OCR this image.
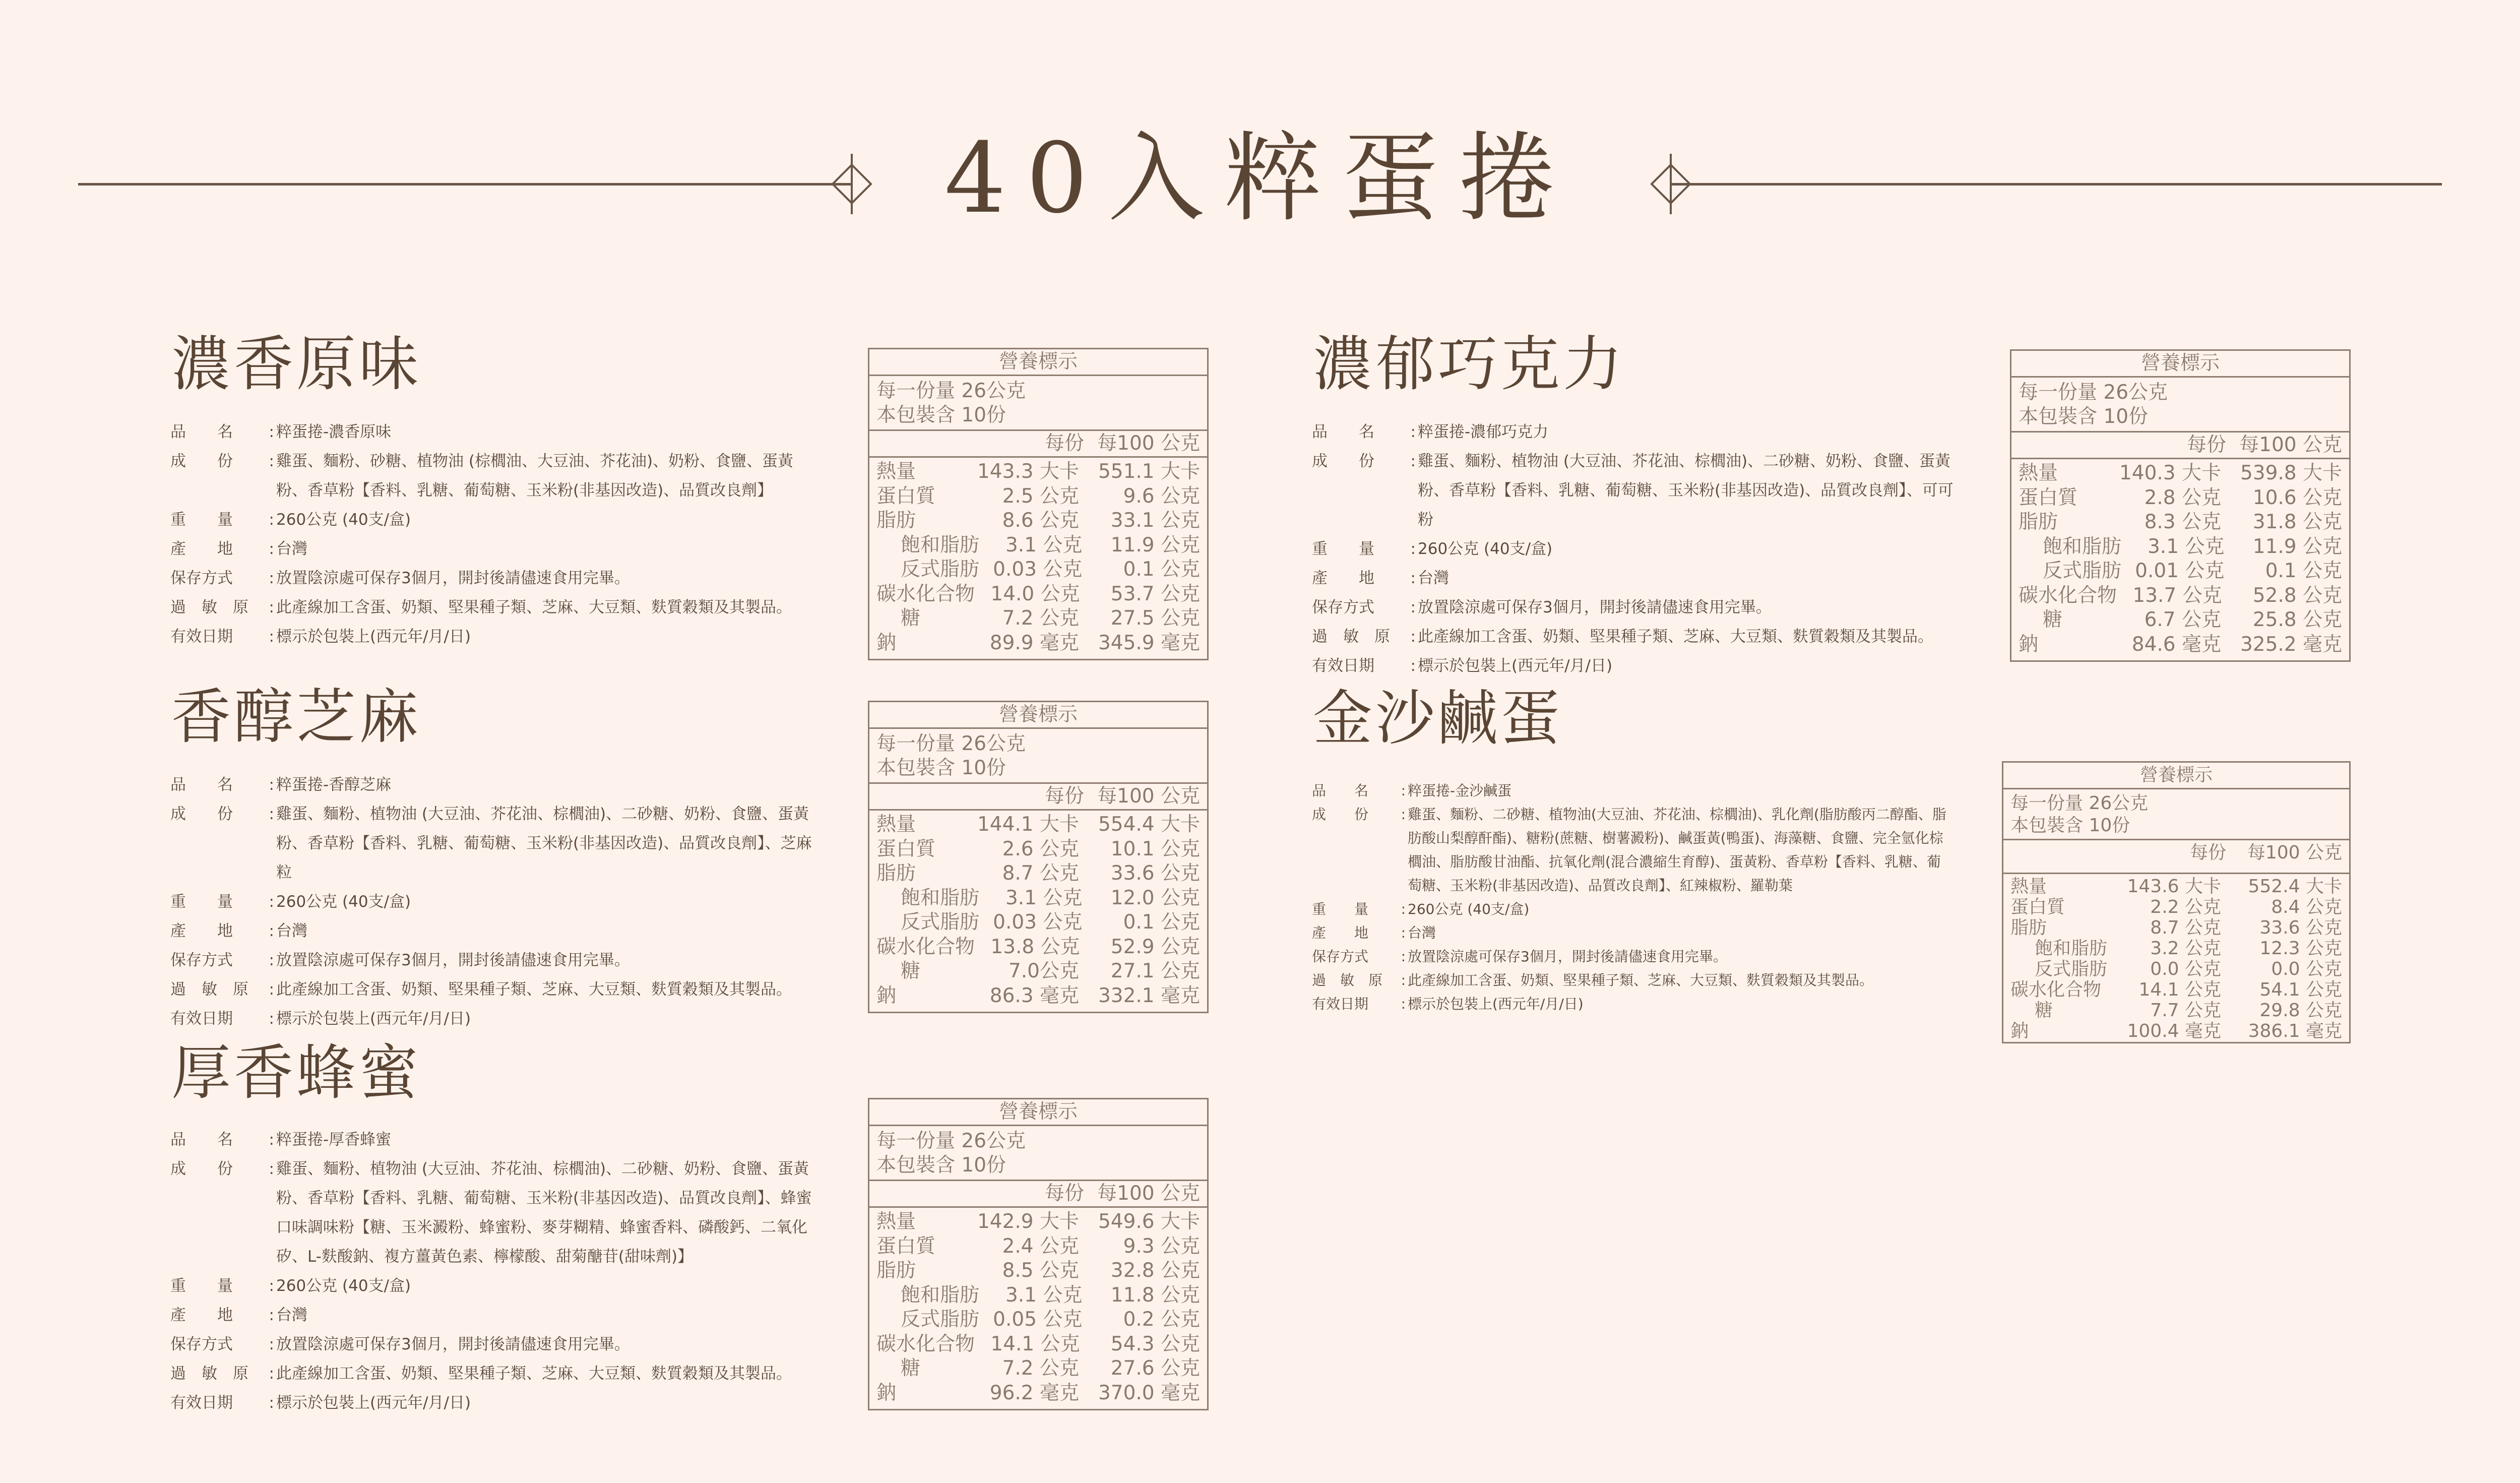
40入粹蛋捲
濃香原味
品　　名 : 粹蛋捲-濃香原味
成　　份 : 雞蛋、麵粉、砂糖、植物油 (棕櫚油、大豆油、芥花油)、奶粉、食鹽、蛋黃粉、香草粉【香料、乳糖、葡萄糖、玉米粉(非基因改造)、品質改良劑】
重　　量 : 260公克 (40支/盒)
產　　地 : 台灣
保存方式 : 放置陰涼處可保存3個月，開封後請儘速食用完畢。
過　敏　原 : 此產線加工含蛋、奶類、堅果種子類、芝麻、大豆類、麩質穀類及其製品。
有效日期 : 標示於包裝上(西元年/月/日)
營養標示
每一份量 26公克
本包裝含 10份
每份 每100 公克
熱量	143.3 大卡 551.1 大卡
蛋白質	2.5 公克	9.6 公克
脂肪	8.6 公克	33.1 公克
飽和脂肪	3.1 公克	11.9 公克
反式脂肪 0.03 公克	0.1 公克
碳水化合物 14.0 公克	53.7 公克
糖	7.2 公克	27.5 公克
鈉	89.9 毫克 345.9 毫克
香醇芝麻
品　　名 : 粹蛋捲-香醇芝麻
成　　份 : 雞蛋、麵粉、植物油 (大豆油、芥花油、棕櫚油)、二砂糖、奶粉、食鹽、蛋黃粉、香草粉【香料、乳糖、葡萄糖、玉米粉(非基因改造)、品質改良劑】、芝麻粒
重　　量 : 260公克 (40支/盒)
產　　地 : 台灣
保存方式 : 放置陰涼處可保存3個月，開封後請儘速食用完畢。
過　敏　原 : 此產線加工含蛋、奶類、堅果種子類、芝麻、大豆類、麩質穀類及其製品。
有效日期 : 標示於包裝上(西元年/月/日)
營養標示
每一份量 26公克
本包裝含 10份
每份 每100 公克
熱量	144.1 大卡 554.4 大卡
蛋白質	2.6 公克	10.1 公克
脂肪	8.7 公克	33.6 公克
飽和脂肪	3.1 公克	12.0 公克
反式脂肪 0.03 公克	0.1 公克
碳水化合物 13.8 公克	52.9 公克
糖	7.0公克	27.1 公克
鈉	86.3 毫克 332.1 毫克
厚香蜂蜜
品　　名 : 粹蛋捲-厚香蜂蜜
成　　份 : 雞蛋、麵粉、植物油 (大豆油、芥花油、棕櫚油)、二砂糖、奶粉、食鹽、蛋黃粉、香草粉【香料、乳糖、葡萄糖、玉米粉(非基因改造)、品質改良劑】、蜂蜜口味調味粉【糖、玉米澱粉、蜂蜜粉、麥芽糊精、蜂蜜香料、磷酸鈣、二氧化矽、L-麩酸鈉、複方薑黃色素、檸檬酸、甜菊醣苷(甜味劑)】
重　　量 : 260公克 (40支/盒)
產　　地 : 台灣
保存方式 : 放置陰涼處可保存3個月，開封後請儘速食用完畢。
過　敏　原 : 此產線加工含蛋、奶類、堅果種子類、芝麻、大豆類、麩質穀類及其製品。
有效日期 : 標示於包裝上(西元年/月/日)
營養標示
每一份量 26公克
本包裝含 10份
每份 每100 公克
熱量	142.9 大卡 549.6 大卡
蛋白質	2.4 公克	9.3 公克
脂肪	8.5 公克	32.8 公克
飽和脂肪	3.1 公克	11.8 公克
反式脂肪 0.05 公克	0.2 公克
碳水化合物 14.1 公克	54.3 公克
糖	7.2 公克	27.6 公克
鈉	96.2 毫克 370.0 毫克
濃郁巧克力
品　　名 : 粹蛋捲-濃郁巧克力
成　　份 : 雞蛋、麵粉、植物油 (大豆油、芥花油、棕櫚油)、二砂糖、奶粉、食鹽、蛋黃粉、香草粉【香料、乳糖、葡萄糖、玉米粉(非基因改造)、品質改良劑】、可可粉
重　　量 : 260公克 (40支/盒)
產　　地 : 台灣
保存方式 : 放置陰涼處可保存3個月，開封後請儘速食用完畢。
過　敏　原 : 此產線加工含蛋、奶類、堅果種子類、芝麻、大豆類、麩質穀類及其製品。
有效日期 : 標示於包裝上(西元年/月/日)
營養標示
每一份量 26公克
本包裝含 10份
每份 每100 公克
熱量	140.3 大卡 539.8 大卡
蛋白質	2.8 公克	10.6 公克
脂肪	8.3 公克	31.8 公克
飽和脂肪	3.1 公克	11.9 公克
反式脂肪 0.01 公克	0.1 公克
碳水化合物 13.7 公克	52.8 公克
糖	6.7 公克	25.8 公克
鈉	84.6 毫克 325.2 毫克
金沙鹹蛋
品　　名 : 粹蛋捲-金沙鹹蛋
成　　份 : 雞蛋、麵粉、二砂糖、植物油(大豆油、芥花油、棕櫚油)、乳化劑(脂肪酸丙二醇酯、脂肪酸山梨醇酐酯)、糖粉(蔗糖、樹薯澱粉)、鹹蛋黃(鴨蛋)、海藻糖、食鹽、完全氫化棕櫚油、脂肪酸甘油酯、抗氧化劑(混合濃縮生育醇)、蛋黃粉、香草粉【香料、乳糖、葡萄糖、玉米粉(非基因改造)、品質改良劑】、紅辣椒粉、羅勒葉
重　　量 : 260公克 (40支/盒)
產　　地 : 台灣
保存方式 : 放置陰涼處可保存3個月，開封後請儘速食用完畢。
過　敏　原 : 此產線加工含蛋、奶類、堅果種子類、芝麻、大豆類、麩質穀類及其製品。
有效日期 : 標示於包裝上(西元年/月/日)
營養標示
每一份量 26公克
本包裝含 10份
每份	每100 公克
熱量	143.6 大卡	552.4 大卡
蛋白質	2.2 公克	8.4 公克
脂肪	8.7 公克	33.6 公克
飽和脂肪	3.2 公克	12.3 公克
反式脂肪	0.0 公克	0.0 公克
碳水化合物	14.1 公克	54.1 公克
糖	7.7 公克	29.8 公克
鈉	100.4 毫克	386.1 毫克
